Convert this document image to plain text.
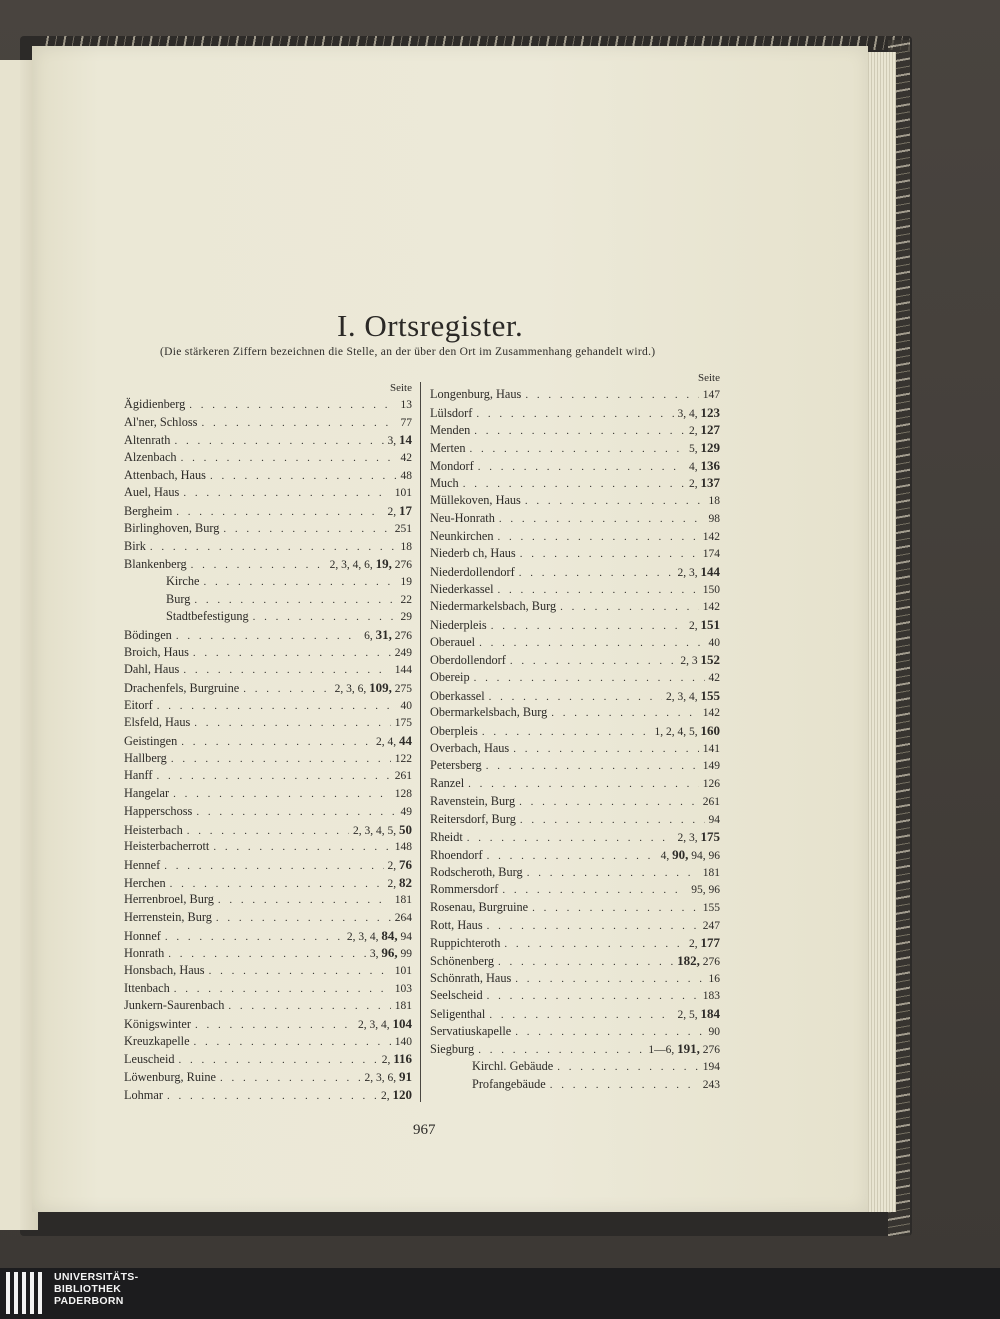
I. Ortsregister.
(Die stärkeren Ziffern bezeichnen die Stelle, an der über den Ort im Zusammenhang gehandelt wird.)
Seite
Ägidienberg . . .	13
Al'ner, Schloss . . .	77
Altenrath . . .	3, 14
Alzenbach . . .	42
Attenbach, Haus . . .	48
Auel, Haus . . .	101
Bergheim . . .	2, 17
Birlinghoven, Burg . . .	251
Birk . . .	18
Blankenberg . . .	2, 3, 4, 6, 19, 276
Kirche . . .	19
Burg . . .	22
Stadtbefestigung . . .	29
Bödingen . . .	6, 31, 276
Broich, Haus . . .	249
Dahl, Haus . . .	144
Drachenfels, Burgruine . . .	2, 3, 6, 109, 275
Eitorf . . .	40
Elsfeld, Haus . . .	175
Geistingen . . .	2, 4, 44
Hallberg . . .	122
Hanff . . .	261
Hangelar . . .	128
Happerschoss . . .	49
Heisterbach . . .	2, 3, 4, 5, 50
Heisterbacherrott . . .	148
Hennef . . .	2, 76
Herchen . . .	2, 82
Herrenbroel, Burg . . .	181
Herrenstein, Burg . . .	264
Honnef . . .	2, 3, 4, 84, 94
Honrath . . .	3, 96, 99
Honsbach, Haus . . .	101
Ittenbach . . .	103
Junkern-Saurenbach . . .	181
Königswinter . . .	2, 3, 4, 104
Kreuzkapelle . . .	140
Leuscheid . . .	2, 116
Löwenburg, Ruine . . .	2, 3, 6, 91
Lohmar . . .	2, 120
Seite
Longenburg, Haus . . .	147
Lülsdorf . . .	3, 4, 123
Menden . . .	2, 127
Merten . . .	5, 129
Mondorf . . .	4, 136
Much . . .	2, 137
Müllekoven, Haus . . .	18
Neu-Honrath . . .	98
Neunkirchen . . .	142
Niederb ch, Haus . . .	174
Niederdollendorf . . .	2, 3, 144
Niederkassel . . .	150
Niedermarkelsbach, Burg . . .	142
Niederpleis . . .	2, 151
Oberauel . . .	40
Oberdollendorf . . .	2, 3 152
Obereip . . .	42
Oberkassel . . .	2, 3, 4, 155
Obermarkelsbach, Burg . . .	142
Oberpleis . . .	1, 2, 4, 5, 160
Overbach, Haus . . .	141
Petersberg . . .	149
Ranzel . . .	126
Ravenstein, Burg . . .	261
Reitersdorf, Burg . . .	94
Rheidt . . .	2, 3, 175
Rhoendorf . . .	4, 90, 94, 96
Rodscheroth, Burg . . .	181
Rommersdorf . . .	95, 96
Rosenau, Burgruine . . .	155
Rott, Haus . . .	247
Ruppichteroth . . .	2, 177
Schönenberg . . .	182, 276
Schönrath, Haus . . .	16
Seelscheid . . .	183
Seligenthal . . .	2, 5, 184
Servatiuskapelle . . .	90
Siegburg . . .	1—6, 191, 276
Kirchl. Gebäude . . .	194
Profangebäude . . .	243
967
UNIVERSITÄTS-
BIBLIOTHEK
PADERBORN
